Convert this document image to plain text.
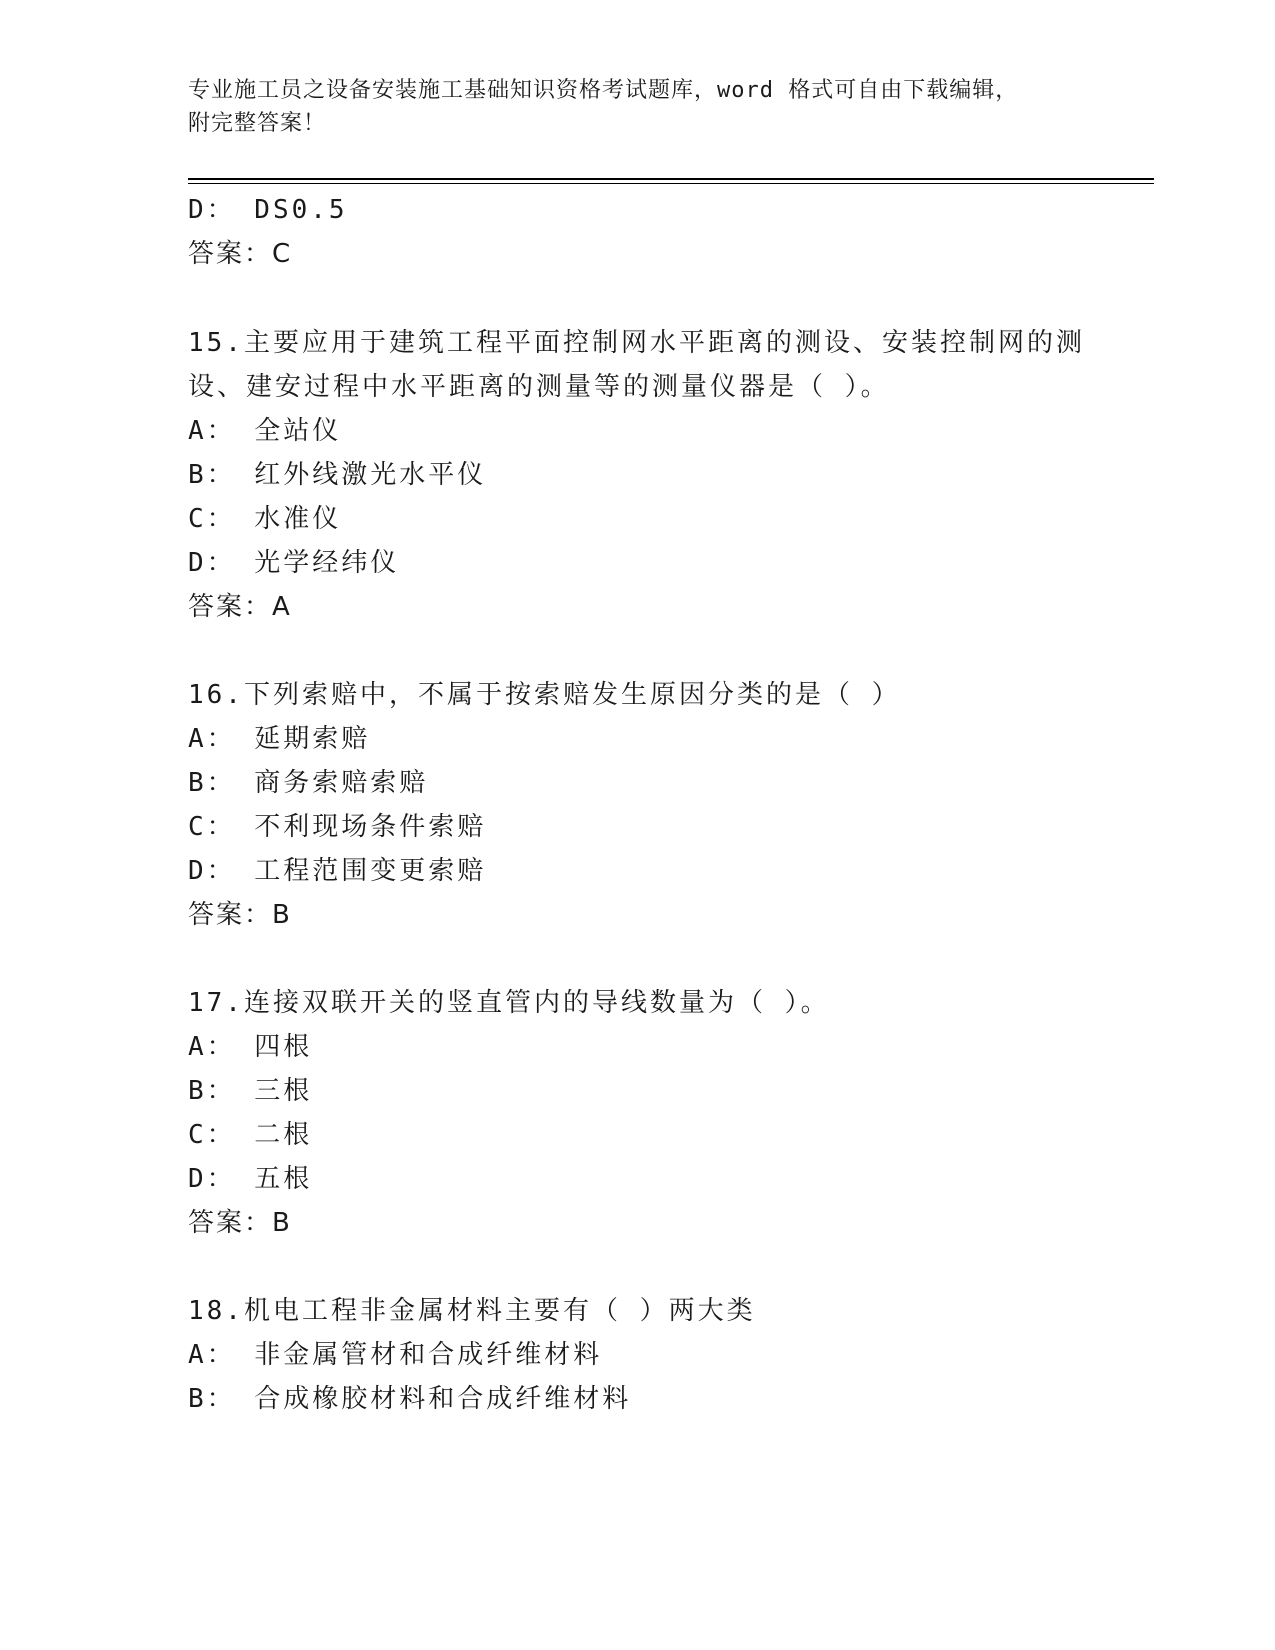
专业施工员之设备安装施工基础知识资格考试题库，word 格式可自由下载编辑，
附完整答案！
D： DS0.5
答案：C
15.主要应用于建筑工程平面控制网水平距离的测设、安装控制网的测
设、建安过程中水平距离的测量等的测量仪器是（ ）。
A： 全站仪
B： 红外线激光水平仪
C： 水准仪
D： 光学经纬仪
答案：A
16.下列索赔中，不属于按索赔发生原因分类的是（ ）
A： 延期索赔
B： 商务索赔索赔
C： 不利现场条件索赔
D： 工程范围变更索赔
答案：B
17.连接双联开关的竖直管内的导线数量为（ ）。
A： 四根
B： 三根
C： 二根
D： 五根
答案：B
18.机电工程非金属材料主要有（ ）两大类
A： 非金属管材和合成纤维材料
B： 合成橡胶材料和合成纤维材料
